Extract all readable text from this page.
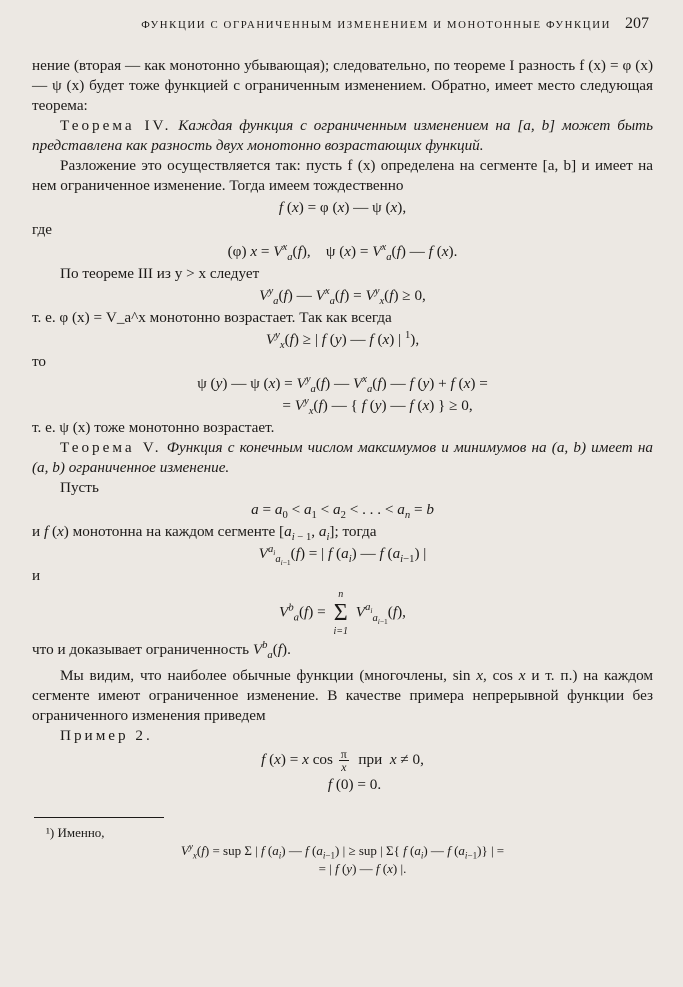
ФУНКЦИИ С ОГРАНИЧЕННЫМ ИЗМЕНЕНИЕМ И МОНОТОННЫЕ ФУНКЦИИ 207

нение (вторая — как монотонно убывающая); следовательно, по теореме I разность f (x) = φ (x) — ψ (x) будет тоже функцией с ограниченным изменением. Обратно, имеет место следующая теорема:

Теорема IV. Каждая функция с ограниченным изменением на [a, b] может быть представлена как разность двух монотонно возрастающих функций.

Разложение это осуществляется так: пусть f (x) определена на сегменте [a, b] и имеет на нем ограниченное изменение. Тогда имеем тождественно

f (x) = φ (x) — ψ (x),

где

(φ) $x = V^x_a(f)$,    ψ $(x) = V^x_a(f)$ — f (x).

По теореме III из y > x следует

$V^y_a(f)$ — $V^x_a(f) = V^y_x(f) \ge 0$,

т. е. φ (x) = V_a^x монотонно возрастает. Так как всегда

$V^y_x(f)$ ≥ | f (y) — f (x) | $^1$),

то

ψ (y) — ψ $(x) = V^y_a(f)$ — $V^x_a(f)$ — f (y) + f (x) =
= $V^y_x(f)$ — { f (y) — f (x) } ≥ 0,

т. е. ψ (x) тоже монотонно возрастает.

Теорема V. Функция с конечным числом максимумов и минимумов на (a, b) имеет на (a, b) ограниченное изменение.

Пусть

$a = a_0 < a_1 < a_2$ < . . . < $a_n = b$

и f (x) монотонна на каждом сегменте [$a_{i - 1}$, $a_i$]; тогда

$V^{a_i}_{a_{i-1}}(f)$ = | f $(a_i)$ — f $(a_{i-1})$ |

и

$V^b_a(f)$ =
n
Σ
i=1
$V^{a_i}_{a_{i-1}}(f)$,

что и доказывает ограниченность $V^b_a(f)$.

Мы видим, что наиболее обычные функции (многочлены, sin x, cos x и т. п.) на каждом сегменте имеют ограниченное изменение. В качестве примера непрерывной функции без ограниченного изменения приведем

Пример 2.

f (x) = x $\cos \frac{\pi}{x}$ при  x ≠ 0,
f (0) = 0.
¹) Именно,
$V^y_x(f)$ = sup Σ | f $(a_i)$ — f $(a_{i-1})$ | ≥ sup | Σ{ f $(a_i)$ — f $(a_{i-1})$} | =
= | f (y) — f (x) |.
